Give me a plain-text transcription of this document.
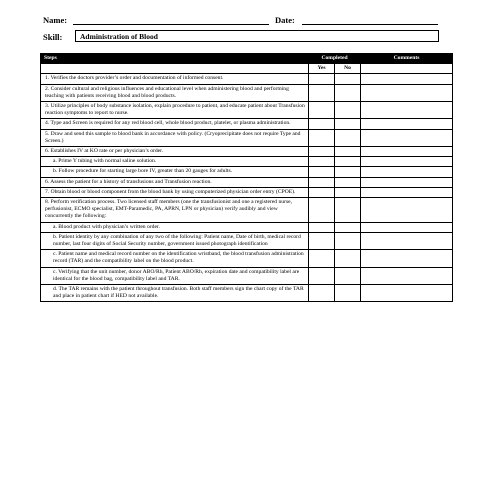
Name:	Date:
Skill:	Administration of Blood
Steps	Completed		Comments
	Yes	No	
1. Verifies the doctors provider’s order and documentation of informed consent.			
2. Consider cultural and religious influences and educational level when administering blood and performing teaching with patients receiving blood and blood products.			
3. Utilize principles of body substance isolation, explain procedure to patient, and educate patient about Transfusion reaction symptoms to report to nurse.			
4. Type and Screen is required for any red blood cell, whole blood product, platelet, or plasma administration.			
5. Draw and send this sample to blood bank in accordance with policy. (Cryoprecipitate does not require Type and Screen.)			
6. Establishes IV at KO rate or per physician’s order.			
a. Prime Y tubing with normal saline solution.			
b. Follow procedure for starting large bore IV, greater than 20 gauges for adults.			
6. Assess the patient for a history of transfusions and Transfusion reaction.			
7. Obtain blood or blood component from the blood bank by using computerized physician order entry (CPOE).			
8. Perform verification process. Two licensed staff members (one the transfusionist and one a registered nurse, perfusionist, ECMO specialist, EMT-Paramedic, PA, APRN, LPN or physician) verify audibly and view concurrently the following:			
a. Blood product with physician’s written order.			
b. Patient identity by any combination of any two of the following: Patient name, Date of birth, medical record number, last four digits of Social Security number, government issued photograph identification			
c. Patient name and medical record number on the identification wristband, the blood transfusion administration record (TAR) and the compatibility label on the blood product.			
c. Verifying that the unit number, donor ABO/Rh, Patient ABO/Rh, expiration date and compatibility label are identical for the blood bag, compatibility label and TAR.			
d. The TAR remains with the patient throughout transfusion. Both staff members sign the chart copy of the TAR and place in patient chart if HED not available.			
